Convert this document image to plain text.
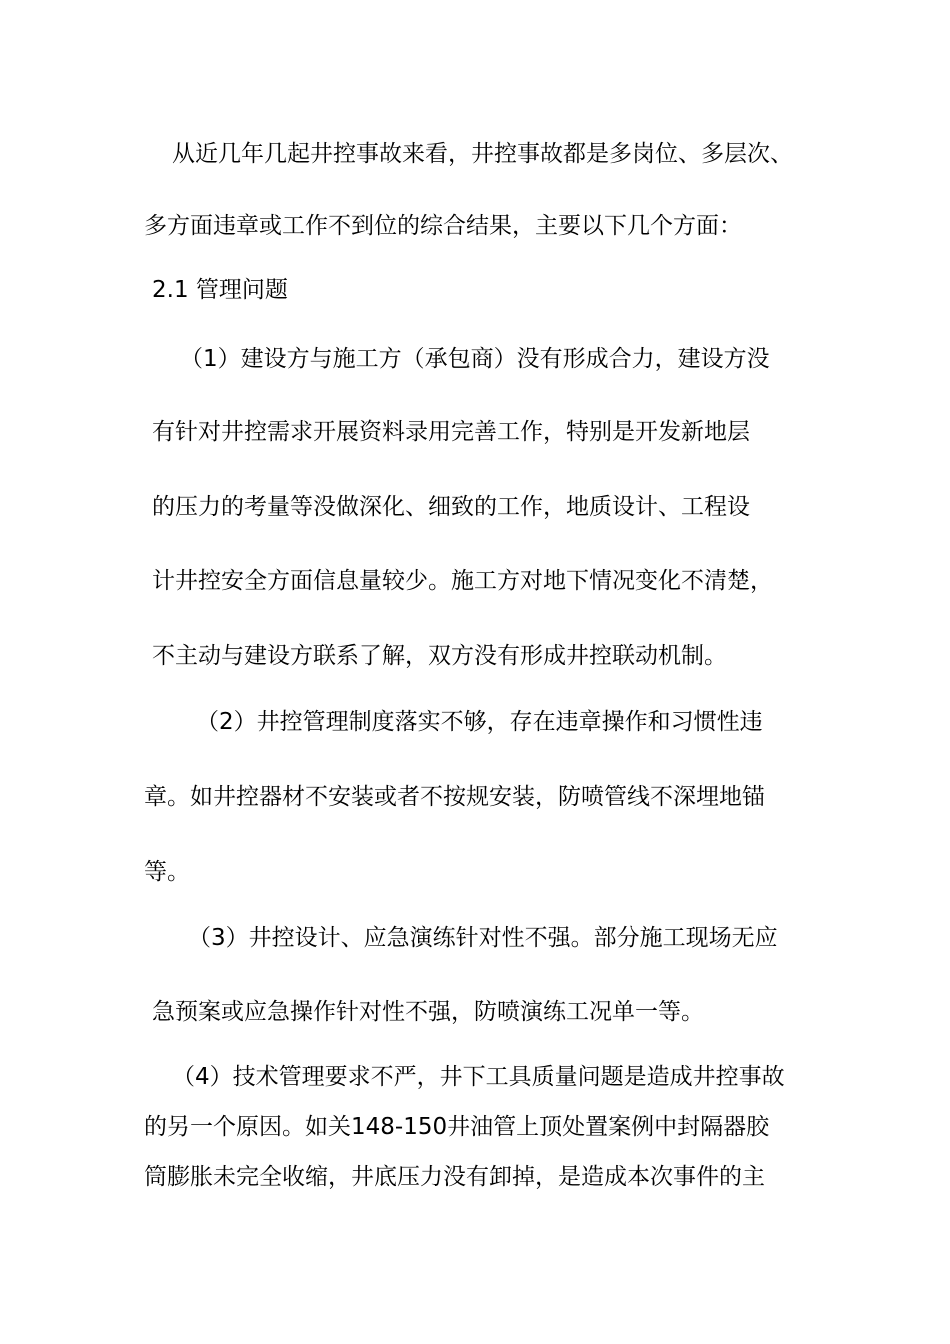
从近几年几起井控事故来看，井控事故都是多岗位、多层次、
多方面违章或工作不到位的综合结果，主要以下几个方面：
2.1 管理问题
（1）建设方与施工方（承包商）没有形成合力，建设方没
有针对井控需求开展资料录用完善工作，特别是开发新地层
的压力的考量等没做深化、细致的工作，地质设计、工程设
计井控安全方面信息量较少。施工方对地下情况变化不清楚，
不主动与建设方联系了解，双方没有形成井控联动机制。
（2）井控管理制度落实不够，存在违章操作和习惯性违
章。如井控器材不安装或者不按规安装，防喷管线不深埋地锚
等。
（3）井控设计、应急演练针对性不强。部分施工现场无应
急预案或应急操作针对性不强，防喷演练工况单一等。
（4）技术管理要求不严，井下工具质量问题是造成井控事故
的另一个原因。如关148-150井油管上顶处置案例中封隔器胶
筒膨胀未完全收缩，井底压力没有卸掉，是造成本次事件的主
